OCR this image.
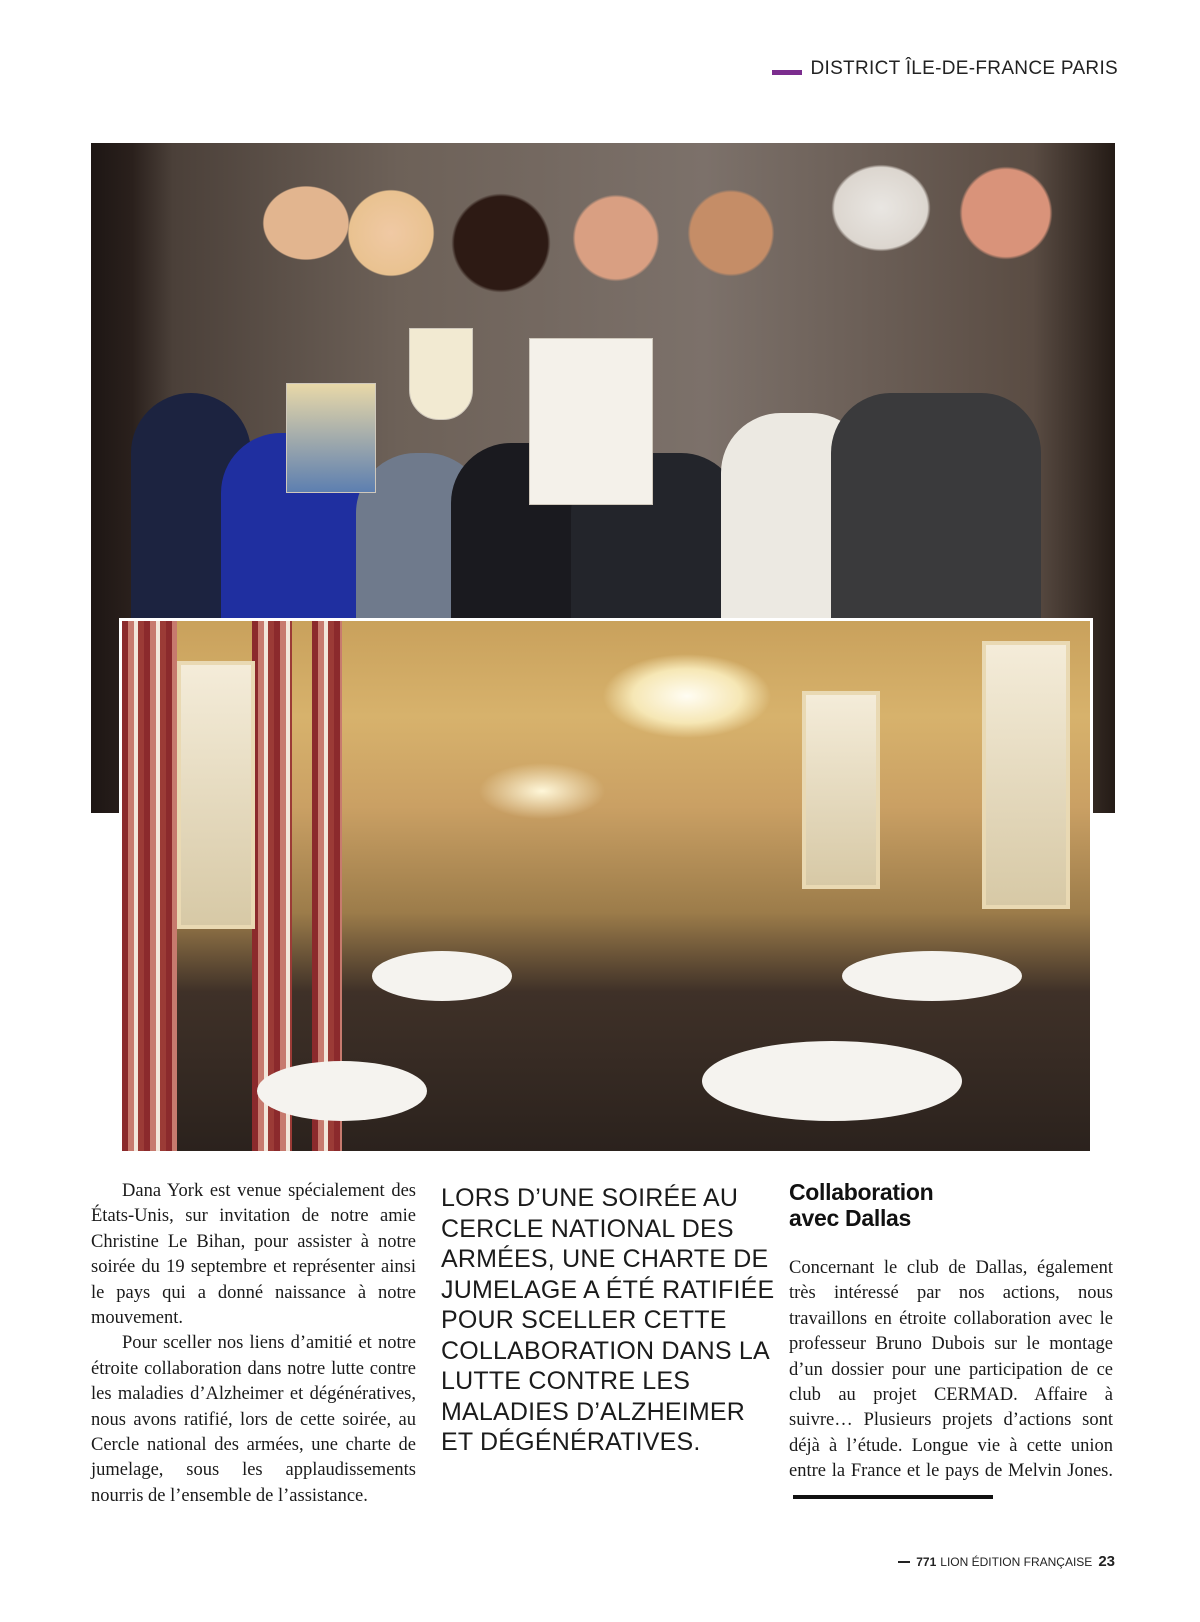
DISTRICT ÎLE-DE-FRANCE PARIS

Dana York est venue spécialement des États-Unis, sur invitation de notre amie Christine Le Bihan, pour assister à notre soirée du 19 septembre et représenter ainsi le pays qui a donné naissance à notre mouvement.

Pour sceller nos liens d’amitié et notre étroite collaboration dans notre lutte contre les maladies d’Alzheimer et dégénératives, nous avons ratifié, lors de cette soirée, au Cercle national des armées, une charte de jumelage, sous les applaudissements nourris de l’ensemble de l’assistance.

LORS D’UNE SOIRÉE AU CERCLE NATIONAL DES ARMÉES, UNE CHARTE DE JUMELAGE A ÉTÉ RATIFIÉE POUR SCELLER CETTE COLLABORATION DANS LA LUTTE CONTRE LES MALADIES D’ALZHEIMER ET DÉGÉNÉRATIVES.

Collaboration
avec Dallas

Concernant le club de Dallas, également très intéressé par nos actions, nous travaillons en étroite collaboration avec le professeur Bruno Dubois sur le montage d’un dossier pour une participation de ce club au projet CERMAD. Affaire à suivre… Plusieurs projets d’actions sont déjà à l’étude. Longue vie à cette union entre la France et le pays de Melvin Jones.

771 LION ÉDITION FRANÇAISE 23
